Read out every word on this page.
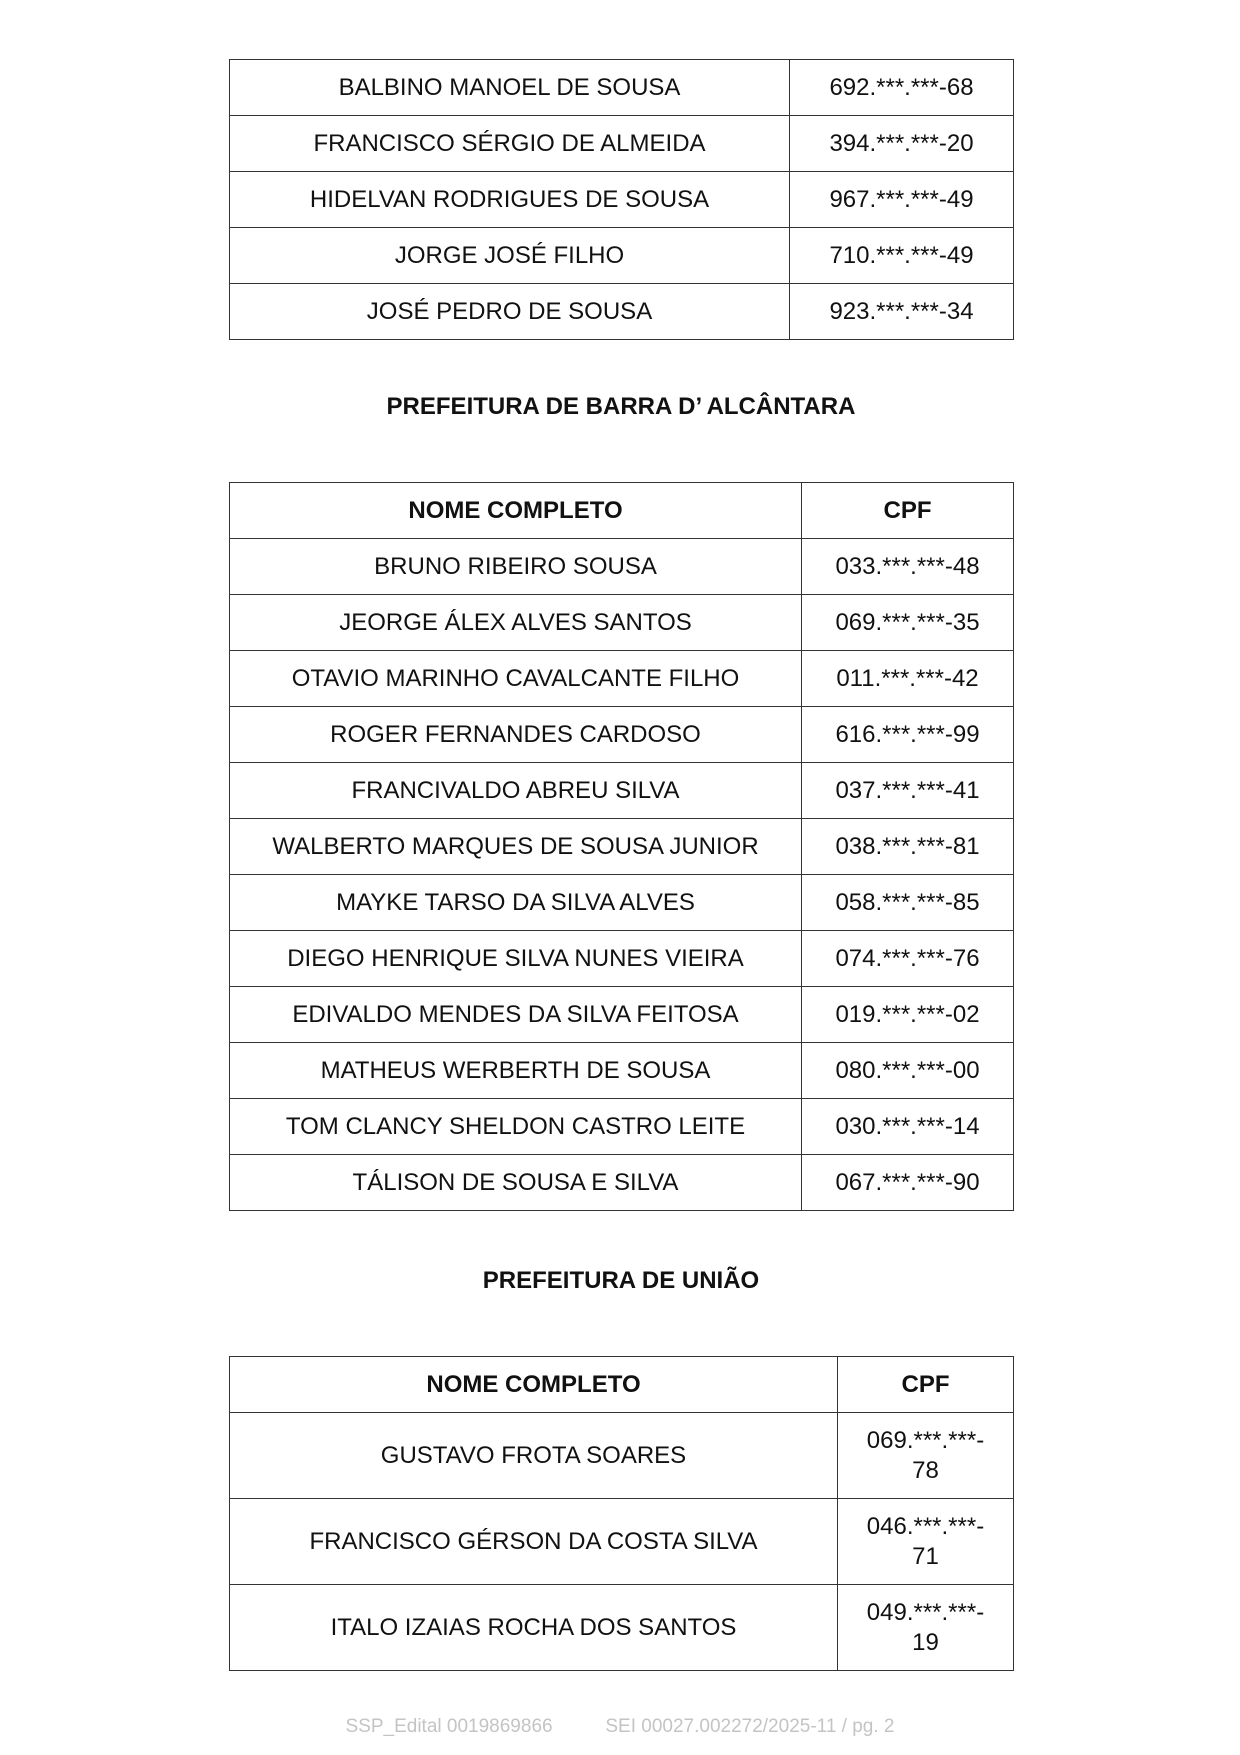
BALBINO MANOEL DE SOUSA	692.***.***-68
FRANCISCO SÉRGIO DE ALMEIDA	394.***.***-20
HIDELVAN RODRIGUES DE SOUSA	967.***.***-49
JORGE JOSÉ FILHO	710.***.***-49
JOSÉ PEDRO DE SOUSA	923.***.***-34
PREFEITURA DE BARRA D’ ALCÂNTARA
NOME COMPLETO	CPF
BRUNO RIBEIRO SOUSA	033.***.***-48
JEORGE ÁLEX ALVES SANTOS	069.***.***-35
OTAVIO MARINHO CAVALCANTE FILHO	011.***.***-42
ROGER FERNANDES CARDOSO	616.***.***-99
FRANCIVALDO ABREU SILVA	037.***.***-41
WALBERTO MARQUES DE SOUSA JUNIOR	038.***.***-81
MAYKE TARSO DA SILVA ALVES	058.***.***-85
DIEGO HENRIQUE SILVA NUNES VIEIRA	074.***.***-76
EDIVALDO MENDES DA SILVA FEITOSA	019.***.***-02
MATHEUS WERBERTH DE SOUSA	080.***.***-00
TOM CLANCY SHELDON CASTRO LEITE	030.***.***-14
TÁLISON DE SOUSA E SILVA	067.***.***-90
PREFEITURA DE UNIÃO
NOME COMPLETO	CPF
GUSTAVO FROTA SOARES	069.***.***-78
FRANCISCO GÉRSON DA COSTA SILVA	046.***.***-71
ITALO IZAIAS ROCHA DOS SANTOS	049.***.***-19
SSP_Edital 0019869866          SEI 00027.002272/2025-11 / pg. 2
